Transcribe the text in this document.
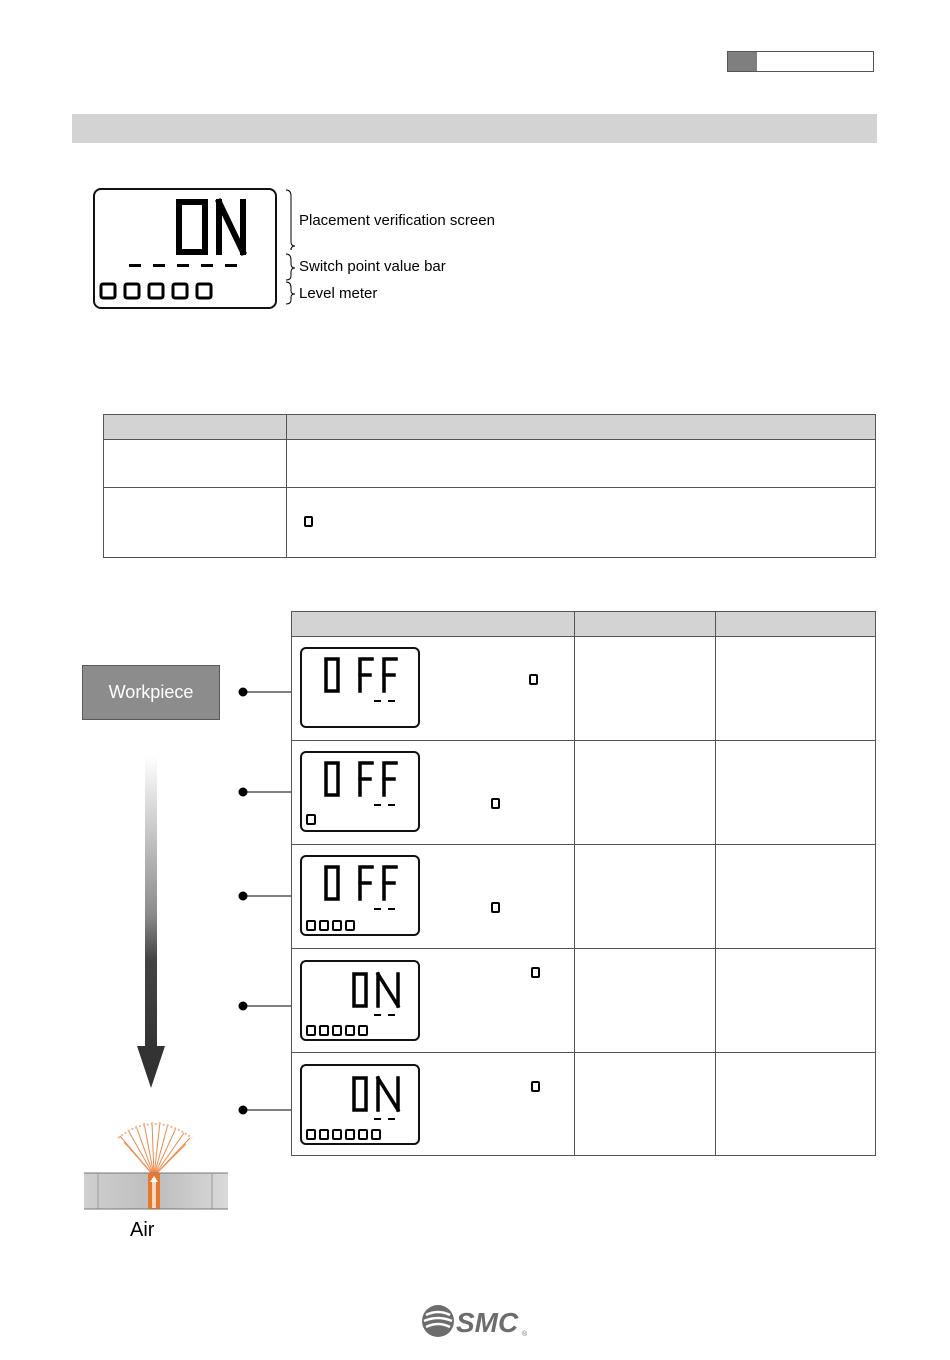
Placement verification screen
Switch point value bar
Level meter

Workpiece
Air

SMC ®
